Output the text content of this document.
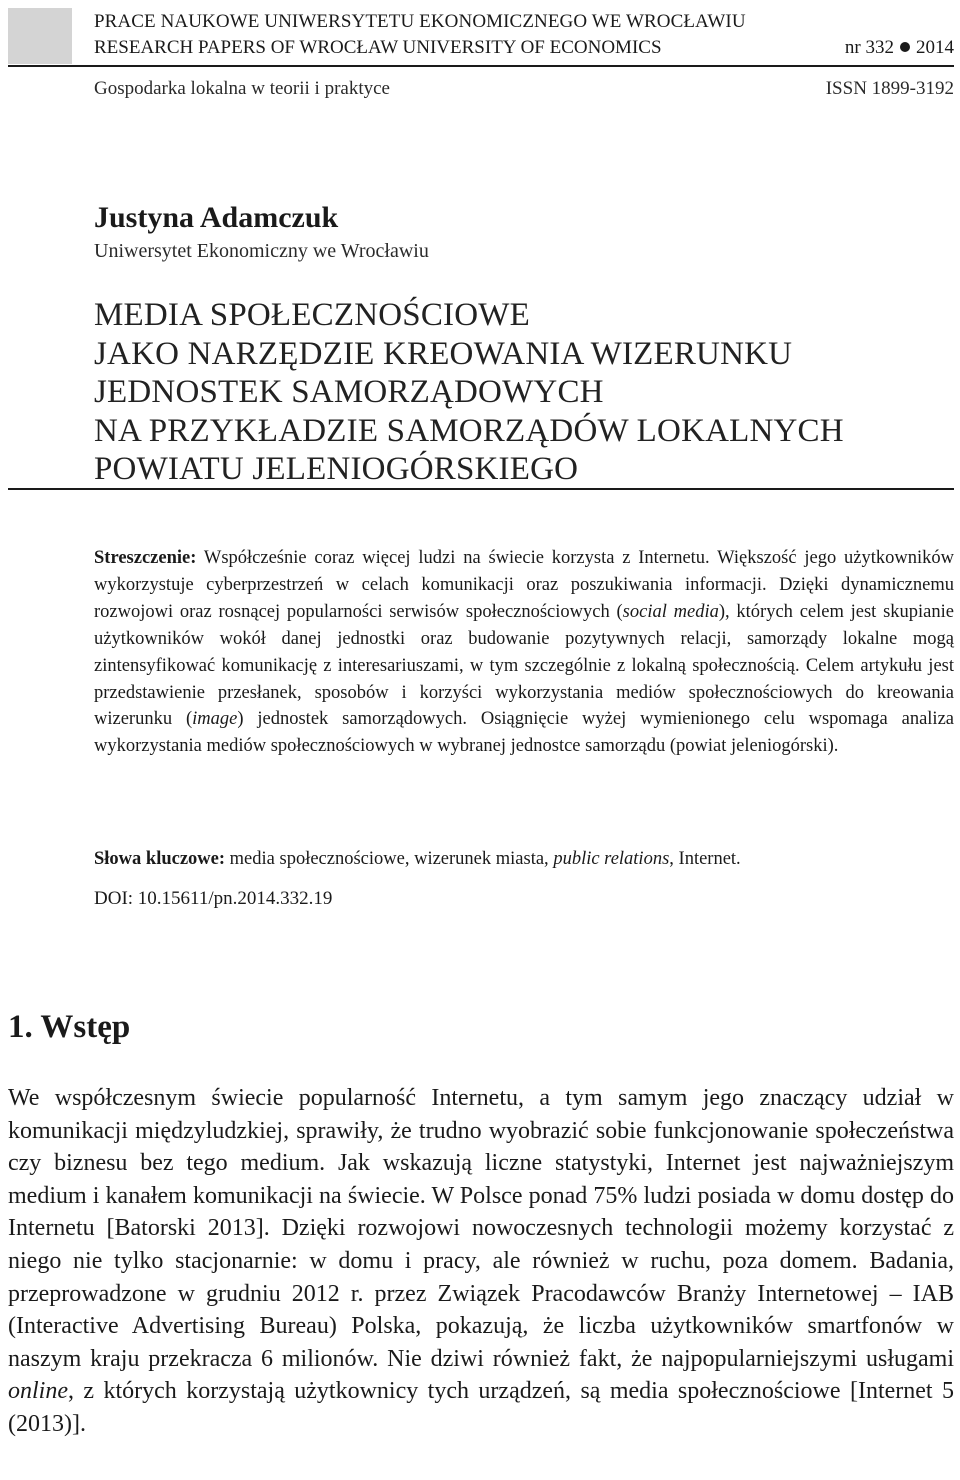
PRACE NAUKOWE UNIWERSYTETU EKONOMICZNEGO WE WROCŁAWIU
RESEARCH PAPERS OF WROCŁAW UNIVERSITY OF ECONOMICS	nr 332 2014
Gospodarka lokalna w teorii i praktyce	ISSN 1899-3192
Justyna Adamczuk
Uniwersytet Ekonomiczny we Wrocławiu
MEDIA SPOŁECZNOŚCIOWE
JAKO NARZĘDZIE KREOWANIA WIZERUNKU
JEDNOSTEK SAMORZĄDOWYCH
NA PRZYKŁADZIE SAMORZĄDÓW LOKALNYCH
POWIATU JELENIOGÓRSKIEGO
Streszczenie: Współcześnie coraz więcej ludzi na świecie korzysta z Internetu. Większość jego użytkowników wykorzystuje cyberprzestrzeń w celach komunikacji oraz poszukiwania informacji. Dzięki dynamicznemu rozwojowi oraz rosnącej popularności serwisów społecznościowych (social media), których celem jest skupianie użytkowników wokół danej jednostki oraz budowanie pozytywnych relacji, samorządy lokalne mogą zintensyfikować komunikację z interesariuszami, w tym szczególnie z lokalną społecznością. Celem artykułu jest przedstawienie przesłanek, sposobów i korzyści wykorzystania mediów społecznościowych do kreowania wizerunku (image) jednostek samorządowych. Osiągnięcie wyżej wymienionego celu wspomaga analiza wykorzystania mediów społecznościowych w wybranej jednostce samorządu (powiat jeleniogórski).
Słowa kluczowe: media społecznościowe, wizerunek miasta, public relations, Internet.
DOI: 10.15611/pn.2014.332.19
1. Wstęp
We współczesnym świecie popularność Internetu, a tym samym jego znaczący udział w komunikacji międzyludzkiej, sprawiły, że trudno wyobrazić sobie funkcjonowanie społeczeństwa czy biznesu bez tego medium. Jak wskazują liczne statystyki, Internet jest najważniejszym medium i kanałem komunikacji na świecie. W Polsce ponad 75% ludzi posiada w domu dostęp do Internetu [Batorski 2013]. Dzięki rozwojowi nowoczesnych technologii możemy korzystać z niego nie tylko stacjonarnie: w domu i pracy, ale również w ruchu, poza domem. Badania, przeprowadzone w grudniu 2012 r. przez Związek Pracodawców Branży Internetowej – IAB (Interactive Advertising Bureau) Polska, pokazują, że liczba użytkowników smartfonów w naszym kraju przekracza 6 milionów. Nie dziwi również fakt, że najpopularniejszymi usługami online, z których korzystają użytkownicy tych urządzeń, są media społecznościowe [Internet 5 (2013)].
